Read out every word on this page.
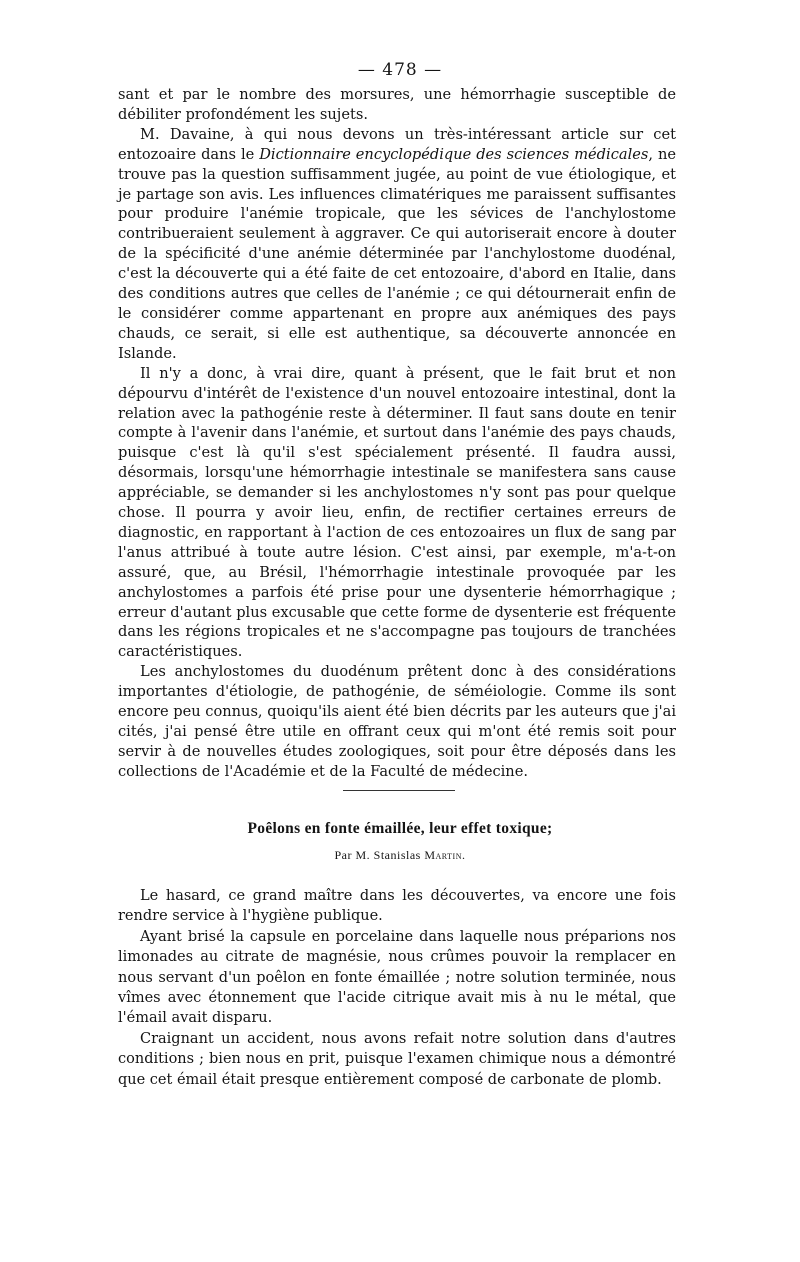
— 478 —

sant et par le nombre des morsures, une hémorrhagie susceptible de débiliter profondément les sujets.

M. Davaine, à qui nous devons un très-intéressant article sur cet entozoaire dans le Dictionnaire encyclopédique des sciences médicales, ne trouve pas la question suffisamment jugée, au point de vue étiologique, et je partage son avis. Les influences climatériques me paraissent suffisantes pour produire l'anémie tropicale, que les sévices de l'anchylostome contribueraient seulement à aggraver. Ce qui autoriserait encore à douter de la spécificité d'une anémie déterminée par l'anchylostome duodénal, c'est la découverte qui a été faite de cet entozoaire, d'abord en Italie, dans des conditions autres que celles de l'anémie ; ce qui détournerait enfin de le considérer comme appartenant en propre aux anémiques des pays chauds, ce serait, si elle est authentique, sa découverte annoncée en Islande.

Il n'y a donc, à vrai dire, quant à présent, que le fait brut et non dépourvu d'intérêt de l'existence d'un nouvel entozoaire intestinal, dont la relation avec la pathogénie reste à déterminer. Il faut sans doute en tenir compte à l'avenir dans l'anémie, et surtout dans l'anémie des pays chauds, puisque c'est là qu'il s'est spécialement présenté. Il faudra aussi, désormais, lorsqu'une hémorrhagie intestinale se manifestera sans cause appréciable, se demander si les anchylostomes n'y sont pas pour quelque chose. Il pourra y avoir lieu, enfin, de rectifier certaines erreurs de diagnostic, en rapportant à l'action de ces entozoaires un flux de sang par l'anus attribué à toute autre lésion. C'est ainsi, par exemple, m'a-t-on assuré, que, au Brésil, l'hémorrhagie intestinale provoquée par les anchylostomes a parfois été prise pour une dysenterie hémorrhagique ; erreur d'autant plus excusable que cette forme de dysenterie est fréquente dans les régions tropicales et ne s'accompagne pas toujours de tranchées caractéristiques.

Les anchylostomes du duodénum prêtent donc à des considérations importantes d'étiologie, de pathogénie, de séméiologie. Comme ils sont encore peu connus, quoiqu'ils aient été bien décrits par les auteurs que j'ai cités, j'ai pensé être utile en offrant ceux qui m'ont été remis soit pour servir à de nouvelles études zoologiques, soit pour être déposés dans les collections de l'Académie et de la Faculté de médecine.

Poêlons en fonte émaillée, leur effet toxique;
Par M. Stanislas Martin.

Le hasard, ce grand maître dans les découvertes, va encore une fois rendre service à l'hygiène publique.

Ayant brisé la capsule en porcelaine dans laquelle nous préparions nos limonades au citrate de magnésie, nous crûmes pouvoir la remplacer en nous servant d'un poêlon en fonte émaillée ; notre solution terminée, nous vîmes avec étonnement que l'acide citrique avait mis à nu le métal, que l'émail avait disparu.

Craignant un accident, nous avons refait notre solution dans d'autres conditions ; bien nous en prit, puisque l'examen chimique nous a démontré que cet émail était presque entièrement composé de carbonate de plomb.
